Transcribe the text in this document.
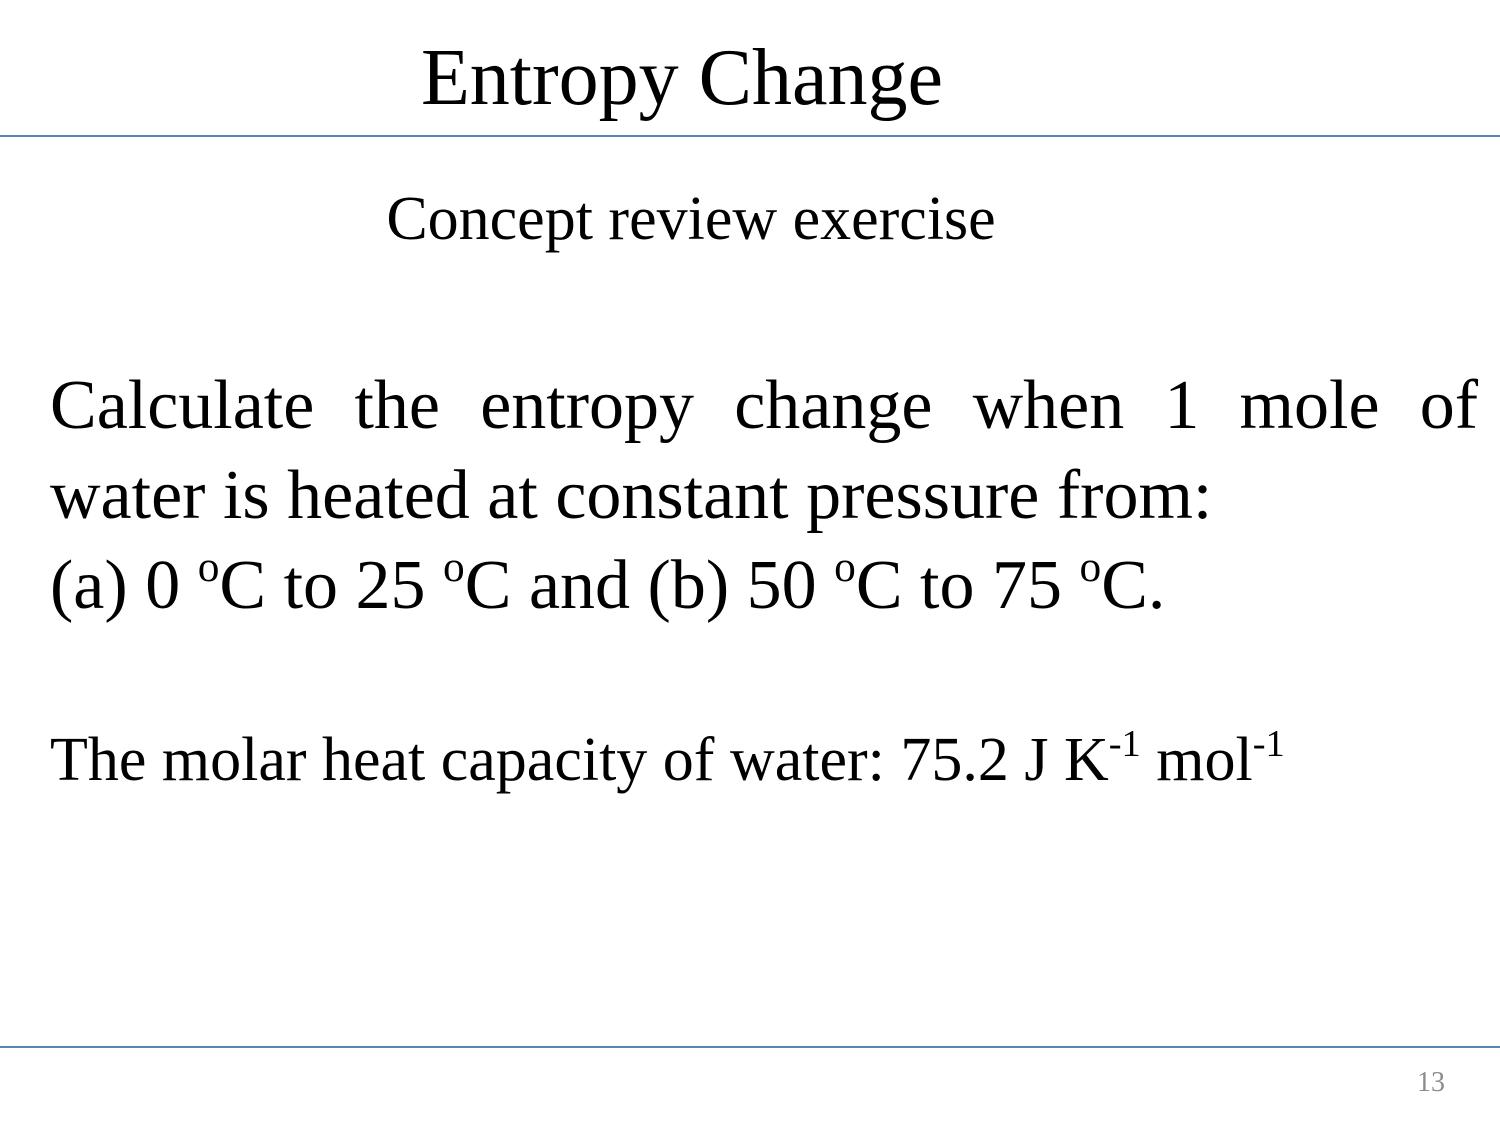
Entropy Change
Concept review exercise
Calculate the entropy change when 1 mole of
water is heated at constant pressure from:
(a) 0 $^o$C to 25 $^o$C and (b) 50 $^o$C to 75 $^o$C.
The molar heat capacity of water: 75.2 J $K^{-1}$ mol$^{-1}$
13
